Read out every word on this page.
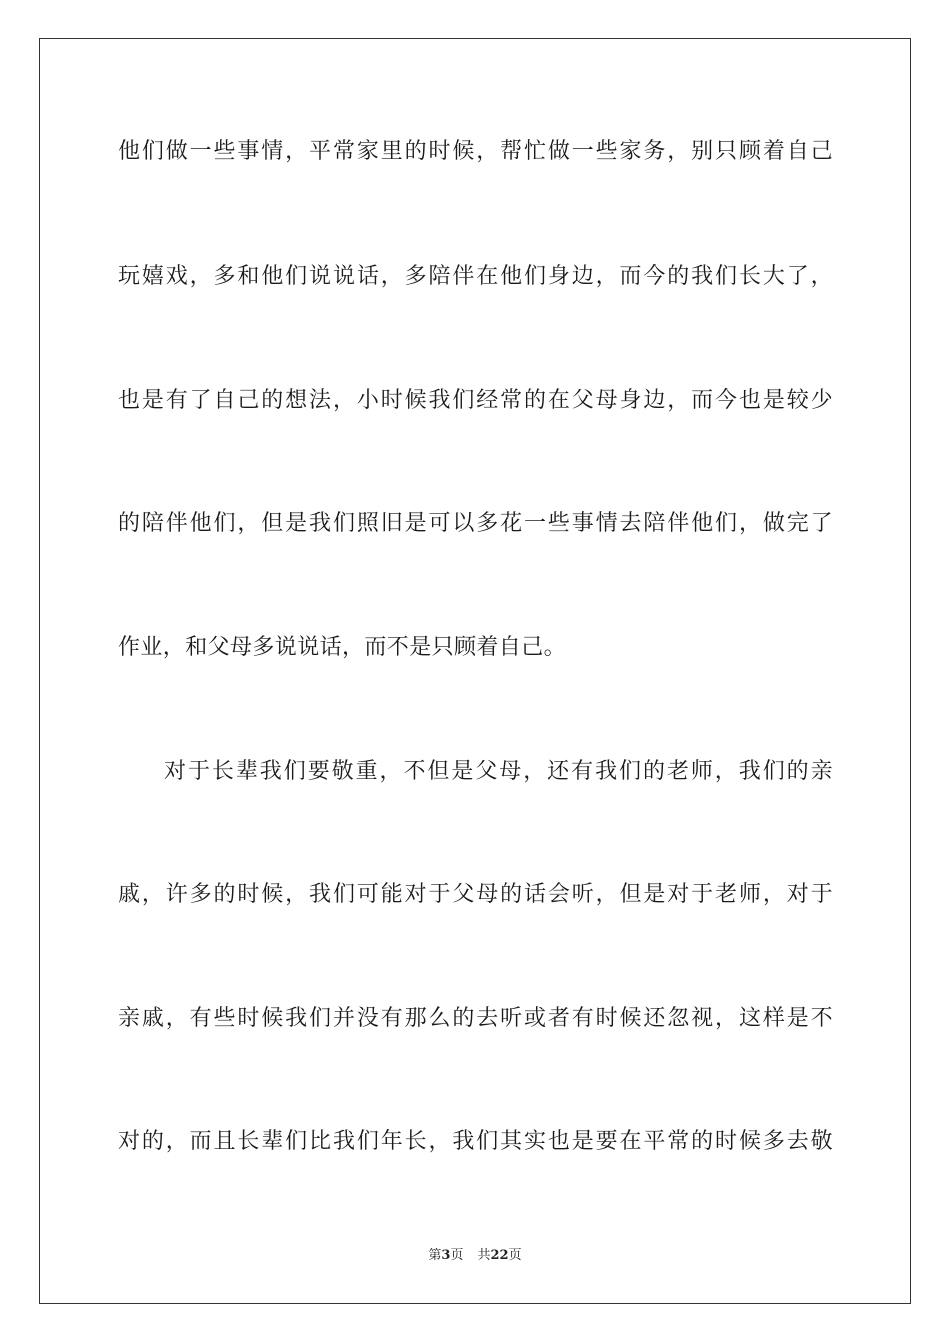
他们做一些事情，平常家里的时候，帮忙做一些家务，别只顾着自己
玩嬉戏，多和他们说说话，多陪伴在他们身边，而今的我们长大了，
也是有了自己的想法，小时候我们经常的在父母身边，而今也是较少
的陪伴他们，但是我们照旧是可以多花一些事情去陪伴他们，做完了
作业，和父母多说说话，而不是只顾着自己。
对于长辈我们要敬重，不但是父母，还有我们的老师，我们的亲
戚，许多的时候，我们可能对于父母的话会听，但是对于老师，对于
亲戚，有些时候我们并没有那么的去听或者有时候还忽视，这样是不
对的，而且长辈们比我们年长，我们其实也是要在平常的时候多去敬
第3页 共22页
